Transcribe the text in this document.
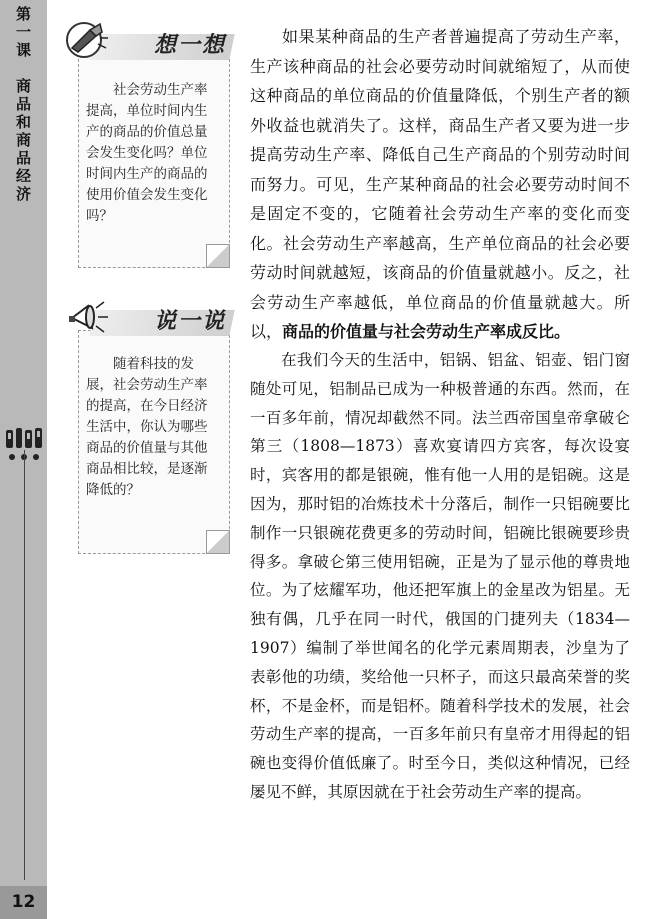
第一课　商品和商品经济
12
想一想
社会劳动生产率提高，单位时间内生产的商品的价值总量会发生变化吗？单位时间内生产的商品的使用价值会发生变化吗？
说一说
随着科技的发展，社会劳动生产率的提高，在今日经济生活中，你认为哪些商品的价值量与其他商品相比较，是逐渐降低的？

如果某种商品的生产者普遍提高了劳动生产率，生产该种商品的社会必要劳动时间就缩短了，从而使这种商品的单位商品的价值量降低，个别生产者的额外收益也就消失了。这样，商品生产者又要为进一步提高劳动生产率、降低自己生产商品的个别劳动时间而努力。可见，生产某种商品的社会必要劳动时间不是固定不变的，它随着社会劳动生产率的变化而变化。社会劳动生产率越高，生产单位商品的社会必要劳动时间就越短，该商品的价值量就越小。反之，社会劳动生产率越低，单位商品的价值量就越大。所以，商品的价值量与社会劳动生产率成反比。

在我们今天的生活中，铝锅、铝盆、铝壶、铝门窗随处可见，铝制品已成为一种极普通的东西。然而，在一百多年前，情况却截然不同。法兰西帝国皇帝拿破仑第三（1808—1873）喜欢宴请四方宾客，每次设宴时，宾客用的都是银碗，惟有他一人用的是铝碗。这是因为，那时铝的冶炼技术十分落后，制作一只铝碗要比制作一只银碗花费更多的劳动时间，铝碗比银碗要珍贵得多。拿破仑第三使用铝碗，正是为了显示他的尊贵地位。为了炫耀军功，他还把军旗上的金星改为铝星。无独有偶，几乎在同一时代，俄国的门捷列夫（1834—1907）编制了举世闻名的化学元素周期表，沙皇为了表彰他的功绩，奖给他一只杯子，而这只最高荣誉的奖杯，不是金杯，而是铝杯。随着科学技术的发展，社会劳动生产率的提高，一百多年前只有皇帝才用得起的铝碗也变得价值低廉了。时至今日，类似这种情况，已经屡见不鲜，其原因就在于社会劳动生产率的提高。
